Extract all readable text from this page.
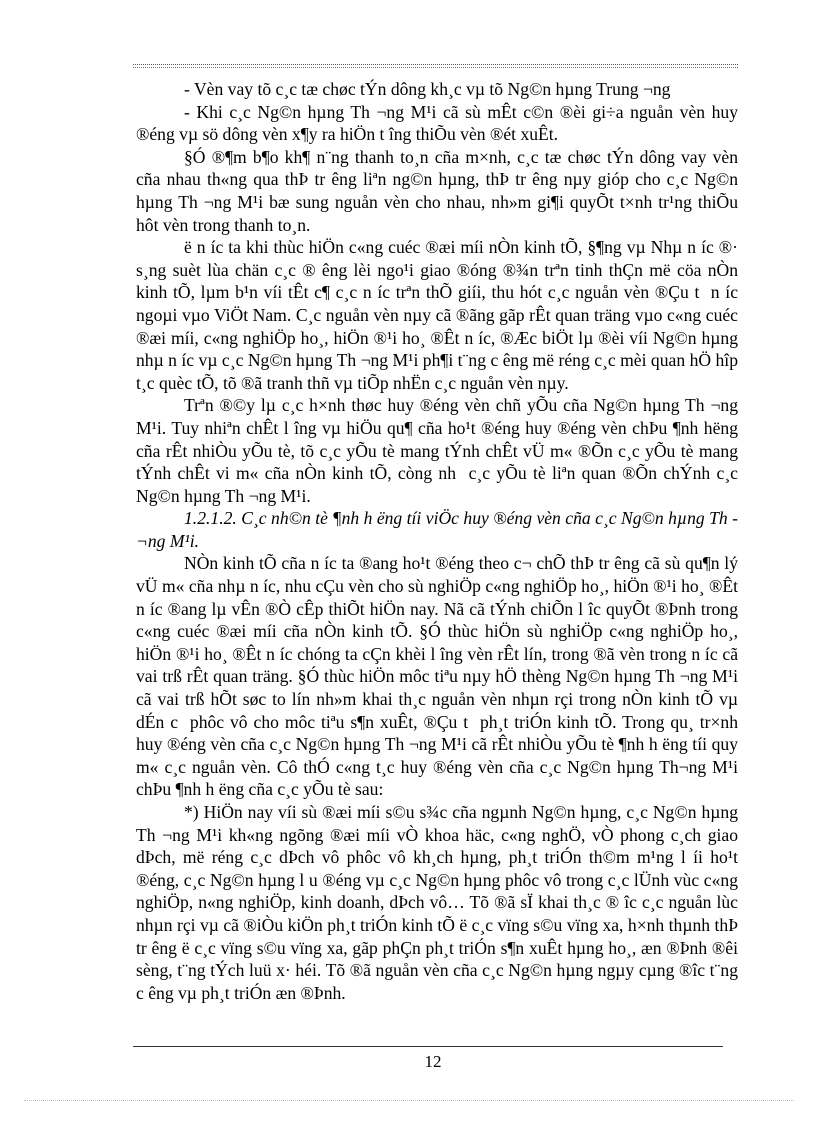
- Vèn vay tõ c¸c tæ chøc tÝn dông kh¸c vµ tõ Ng©n hµng Trung ¬ng

- Khi c¸c Ng©n hµng Th ¬ng M¹i cã sù mÊt c©n ®èi gi÷a nguån vèn huy ®éng vµ sö dông vèn x¶y ra hiÖn t îng thiÕu vèn ®ét xuÊt.

§Ó ®¶m b¶o kh¶ n¨ng thanh to¸n cña m×nh, c¸c tæ chøc tÝn dông vay vèn cña nhau th«ng qua thÞ tr êng liªn ng©n hµng, thÞ tr êng nµy gióp cho c¸c Ng©n hµng Th ¬ng M¹i bæ sung nguån vèn cho nhau, nh»m gi¶i quyÕt t×nh tr¹ng thiÕu hôt vèn trong thanh to¸n.

ë n íc ta khi thùc hiÖn c«ng cuéc ®æi míi nÒn kinh tÕ, §¶ng vµ Nhµ n íc ®· s¸ng suèt lùa chän c¸c ® êng lèi ngo¹i giao ®óng ®¾n trªn tinh thÇn më cöa nÒn kinh tÕ, lµm b¹n víi tÊt c¶ c¸c n íc trªn thÕ giíi, thu hót c¸c nguån vèn ®Çu t n íc ngoµi vµo ViÖt Nam. C¸c nguån vèn nµy cã ®ãng gãp rÊt quan träng vµo c«ng cuéc ®æi míi, c«ng nghiÖp ho¸, hiÖn ®¹i ho¸ ®Êt n íc, ®Æc biÖt lµ ®èi víi Ng©n hµng nhµ n íc vµ c¸c Ng©n hµng Th ¬ng M¹i ph¶i t¨ng c êng më réng c¸c mèi quan hÖ hîp t¸c quèc tÕ, tõ ®ã tranh thñ vµ tiÕp nhËn c¸c nguån vèn nµy.

Trªn ®©y lµ c¸c h×nh thøc huy ®éng vèn chñ yÕu cña Ng©n hµng Th ¬ng M¹i. Tuy nhiªn chÊt l îng vµ hiÖu qu¶ cña ho¹t ®éng huy ®éng vèn chÞu ¶nh hëng cña rÊt nhiÒu yÕu tè, tõ c¸c yÕu tè mang tÝnh chÊt vÜ m« ®Õn c¸c yÕu tè mang tÝnh chÊt vi m« cña nÒn kinh tÕ, còng nh c¸c yÕu tè liªn quan ®Õn chÝnh c¸c Ng©n hµng Th ¬ng M¹i.

1.2.1.2. C¸c nh©n tè ¶nh h ëng tíi viÖc huy ®éng vèn cña c¸c Ng©n hµng Th ¬ng M¹i.

NÒn kinh tÕ cña n íc ta ®ang ho¹t ®éng theo c¬ chÕ thÞ tr êng cã sù qu¶n lý vÜ m« cña nhµ n íc, nhu cÇu vèn cho sù nghiÖp c«ng nghiÖp ho¸, hiÖn ®¹i ho¸ ®Êt n íc ®ang lµ vÊn ®Ò cÊp thiÕt hiÖn nay. Nã cã tÝnh chiÕn l îc quyÕt ®Þnh trong c«ng cuéc ®æi míi cña nÒn kinh tÕ. §Ó thùc hiÖn sù nghiÖp c«ng nghiÖp ho¸, hiÖn ®¹i ho¸ ®Êt n íc chóng ta cÇn khèi l îng vèn rÊt lín, trong ®ã vèn trong n íc cã vai trß rÊt quan träng. §Ó thùc hiÖn môc tiªu nµy hÖ thèng Ng©n hµng Th ¬ng M¹i cã vai trß hÕt søc to lín nh»m khai th¸c nguån vèn nhµn rçi trong nÒn kinh tÕ vµ dÉn c phôc vô cho môc tiªu s¶n xuÊt, ®Çu t ph¸t triÓn kinh tÕ. Trong qu¸ tr×nh huy ®éng vèn cña c¸c Ng©n hµng Th ¬ng M¹i cã rÊt nhiÒu yÕu tè ¶nh h ëng tíi quy m« c¸c nguån vèn. Cô thÓ c«ng t¸c huy ®éng vèn cña c¸c Ng©n hµng Th¬ng M¹i chÞu ¶nh h ëng cña c¸c yÕu tè sau:

*) HiÖn nay víi sù ®æi míi s©u s¾c cña ngµnh Ng©n hµng, c¸c Ng©n hµng Th ¬ng M¹i kh«ng ngõng ®æi míi vÒ khoa häc, c«ng nghÖ, vÒ phong c¸ch giao dÞch, më réng c¸c dÞch vô phôc vô kh¸ch hµng, ph¸t triÓn th©m m¹ng l íi ho¹t ®éng, c¸c Ng©n hµng l u ®éng vµ c¸c Ng©n hµng phôc vô trong c¸c lÜnh vùc c«ng nghiÖp, n«ng nghiÖp, kinh doanh, dÞch vô… Tõ ®ã sÏ khai th¸c ® îc c¸c nguån lùc nhµn rçi vµ cã ®iÒu kiÖn ph¸t triÓn kinh tÕ ë c¸c vïng s©u vïng xa, h×nh thµnh thÞ tr êng ë c¸c vïng s©u vïng xa, gãp phÇn ph¸t triÓn s¶n xuÊt hµng ho¸, æn ®Þnh ®êi sèng, t¨ng tÝch luü x· héi. Tõ ®ã nguån vèn cña c¸c Ng©n hµng ngµy cµng ®îc t¨ng c êng vµ ph¸t triÓn æn ®Þnh.

12
